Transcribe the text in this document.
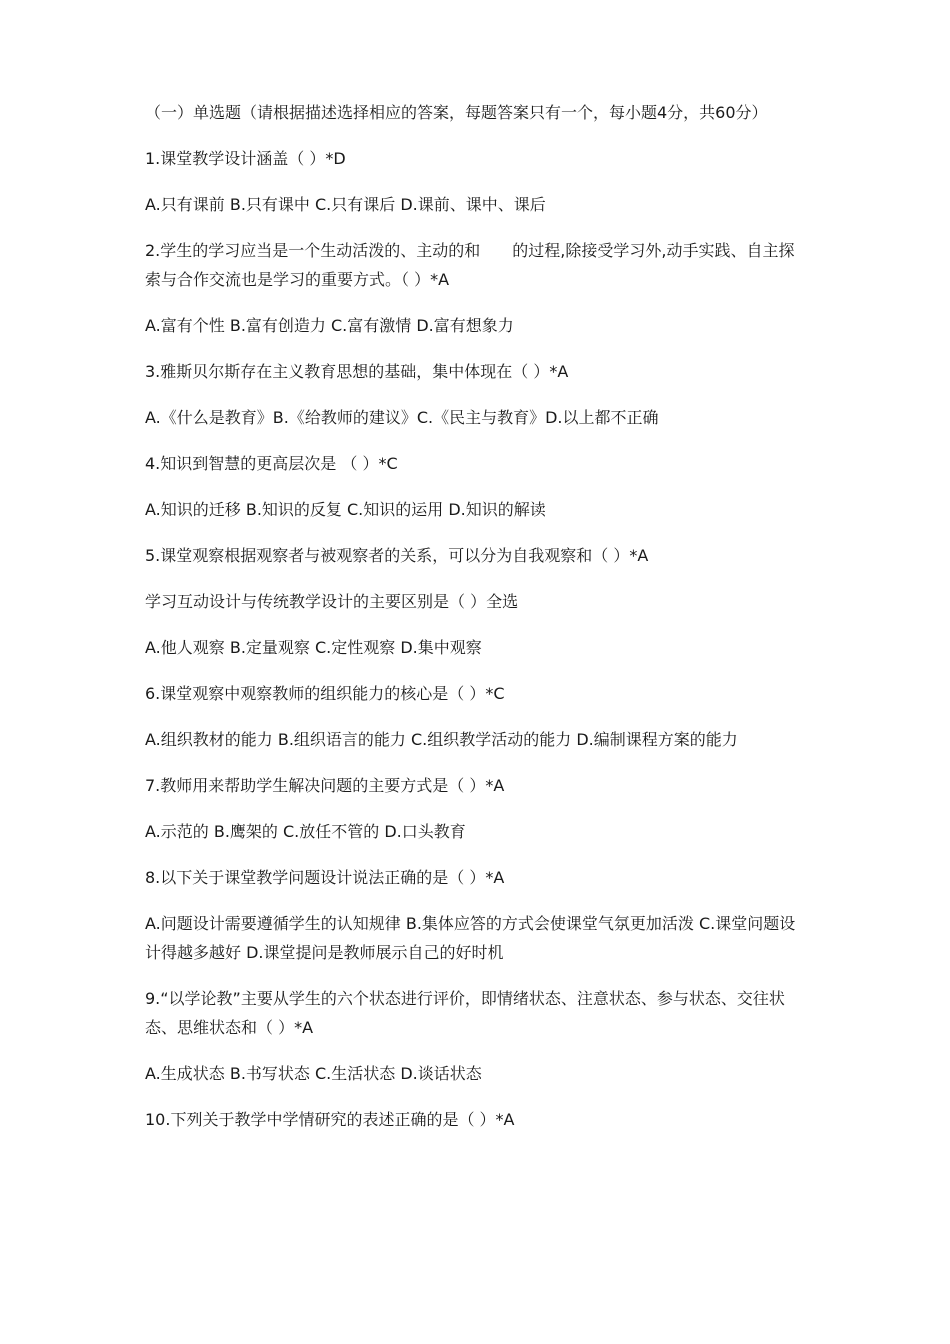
（一）单选题（请根据描述选择相应的答案，每题答案只有一个，每小题4分，共60分）

1.课堂教学设计涵盖（ ）*D

A.只有课前 B.只有课中 C.只有课后 D.课前、课中、课后

2.学生的学习应当是一个生动活泼的、主动的和　　的过程,除接受学习外,动手实践、自主探索与合作交流也是学习的重要方式。（ ）*A

A.富有个性 B.富有创造力 C.富有激情 D.富有想象力

3.雅斯贝尔斯存在主义教育思想的基础，集中体现在（ ）*A

A.《什么是教育》B.《给教师的建议》C.《民主与教育》D.以上都不正确

4.知识到智慧的更高层次是 （ ）*C

A.知识的迁移 B.知识的反复 C.知识的运用 D.知识的解读

5.课堂观察根据观察者与被观察者的关系，可以分为自我观察和（ ）*A

学习互动设计与传统教学设计的主要区别是（ ）全选

A.他人观察 B.定量观察 C.定性观察 D.集中观察

6.课堂观察中观察教师的组织能力的核心是（ ）*C

A.组织教材的能力 B.组织语言的能力 C.组织教学活动的能力 D.编制课程方案的能力

7.教师用来帮助学生解决问题的主要方式是（ ）*A

A.示范的 B.鹰架的 C.放任不管的 D.口头教育

8.以下关于课堂教学问题设计说法正确的是（ ）*A

A.问题设计需要遵循学生的认知规律 B.集体应答的方式会使课堂气氛更加活泼 C.课堂问题设计得越多越好 D.课堂提问是教师展示自己的好时机

9.“以学论教”主要从学生的六个状态进行评价，即情绪状态、注意状态、参与状态、交往状态、思维状态和（ ）*A

A.生成状态 B.书写状态 C.生活状态 D.谈话状态

10.下列关于教学中学情研究的表述正确的是（ ）*A
